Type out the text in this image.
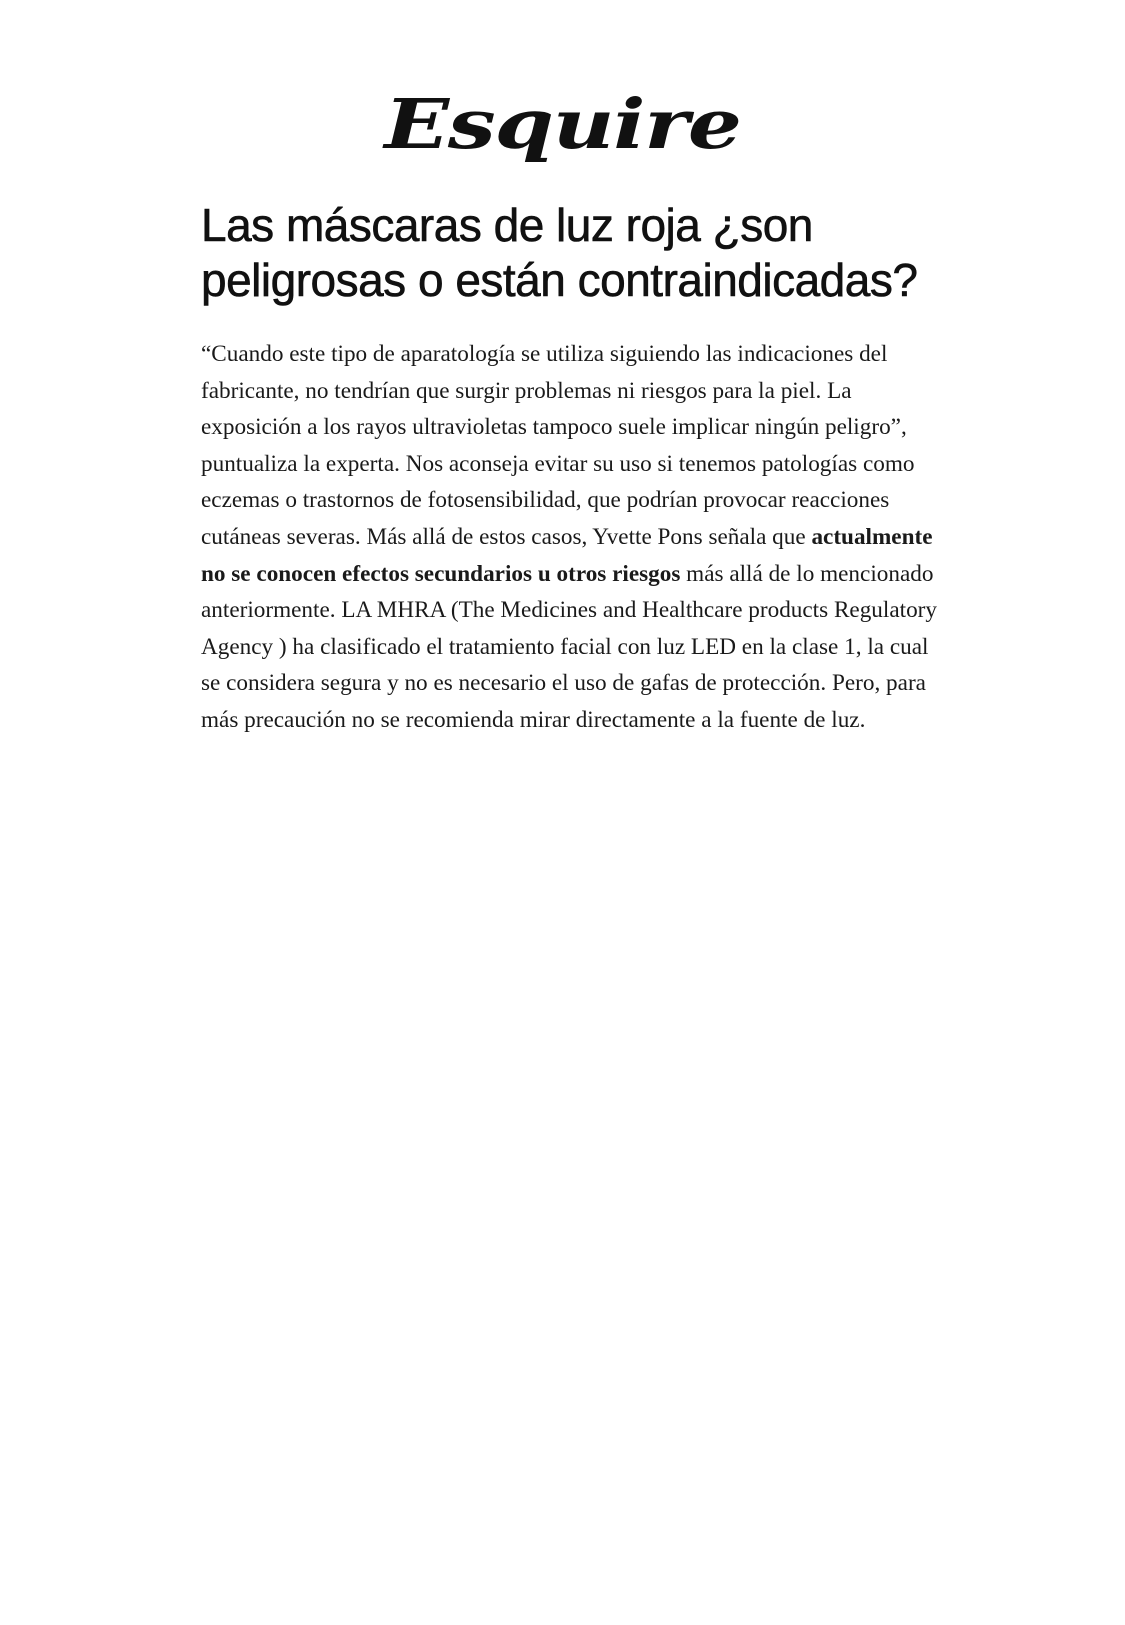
Esquire
Las máscaras de luz roja ¿son peligrosas o están contraindicadas?

“Cuando este tipo de aparatología se utiliza siguiendo las indicaciones del fabricante, no tendrían que surgir problemas ni riesgos para la piel. La exposición a los rayos ultravioletas tampoco suele implicar ningún peligro”, puntualiza la experta. Nos aconseja evitar su uso si tenemos patologías como eczemas o trastornos de fotosensibilidad, que podrían provocar reacciones cutáneas severas. Más allá de estos casos, Yvette Pons señala que actualmente no se conocen efectos secundarios u otros riesgos más allá de lo mencionado anteriormente. LA MHRA (The Medicines and Healthcare products Regulatory Agency ) ha clasificado el tratamiento facial con luz LED en la clase 1, la cual se considera segura y no es necesario el uso de gafas de protección. Pero, para más precaución no se recomienda mirar directamente a la fuente de luz.
